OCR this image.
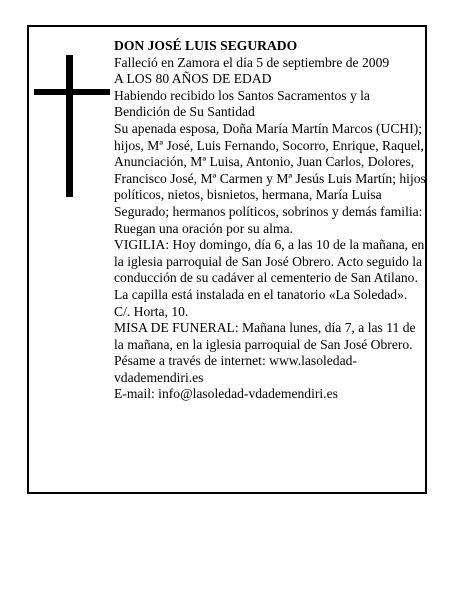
DON JOSÉ LUIS SEGURADO

Falleció en Zamora el día 5 de septiembre de 2009

A LOS 80 AÑOS DE EDAD

Habiendo recibido los Santos Sacramentos y la Bendición de Su Santidad

Su apenada esposa, Doña María Martín Marcos (UCHI); hijos, Mª José, Luis Fernando, Socorro, Enrique, Raquel, Anunciación, Mª Luisa, Antonio, Juan Carlos, Dolores, Francisco José, Mª Carmen y Mª Jesús Luis Martín; hijos políticos, nietos, bisnietos, hermana, María Luisa Segurado; hermanos políticos, sobrinos y demás familia:

Ruegan una oración por su alma.

VIGILIA: Hoy domingo, día 6, a las 10 de la mañana, en la iglesia parroquial de San José Obrero. Acto seguido la conducción de su cadáver al cementerio de San Atilano.

La capilla está instalada en el tanatorio «La Soledad». C/. Horta, 10.

MISA DE FUNERAL: Mañana lunes, día 7, a las 11 de la mañana, en la iglesia parroquial de San José Obrero.

Pésame a través de internet: www.lasoledad-vdademendiri.es

E-mail: info@lasoledad-vdademendiri.es
